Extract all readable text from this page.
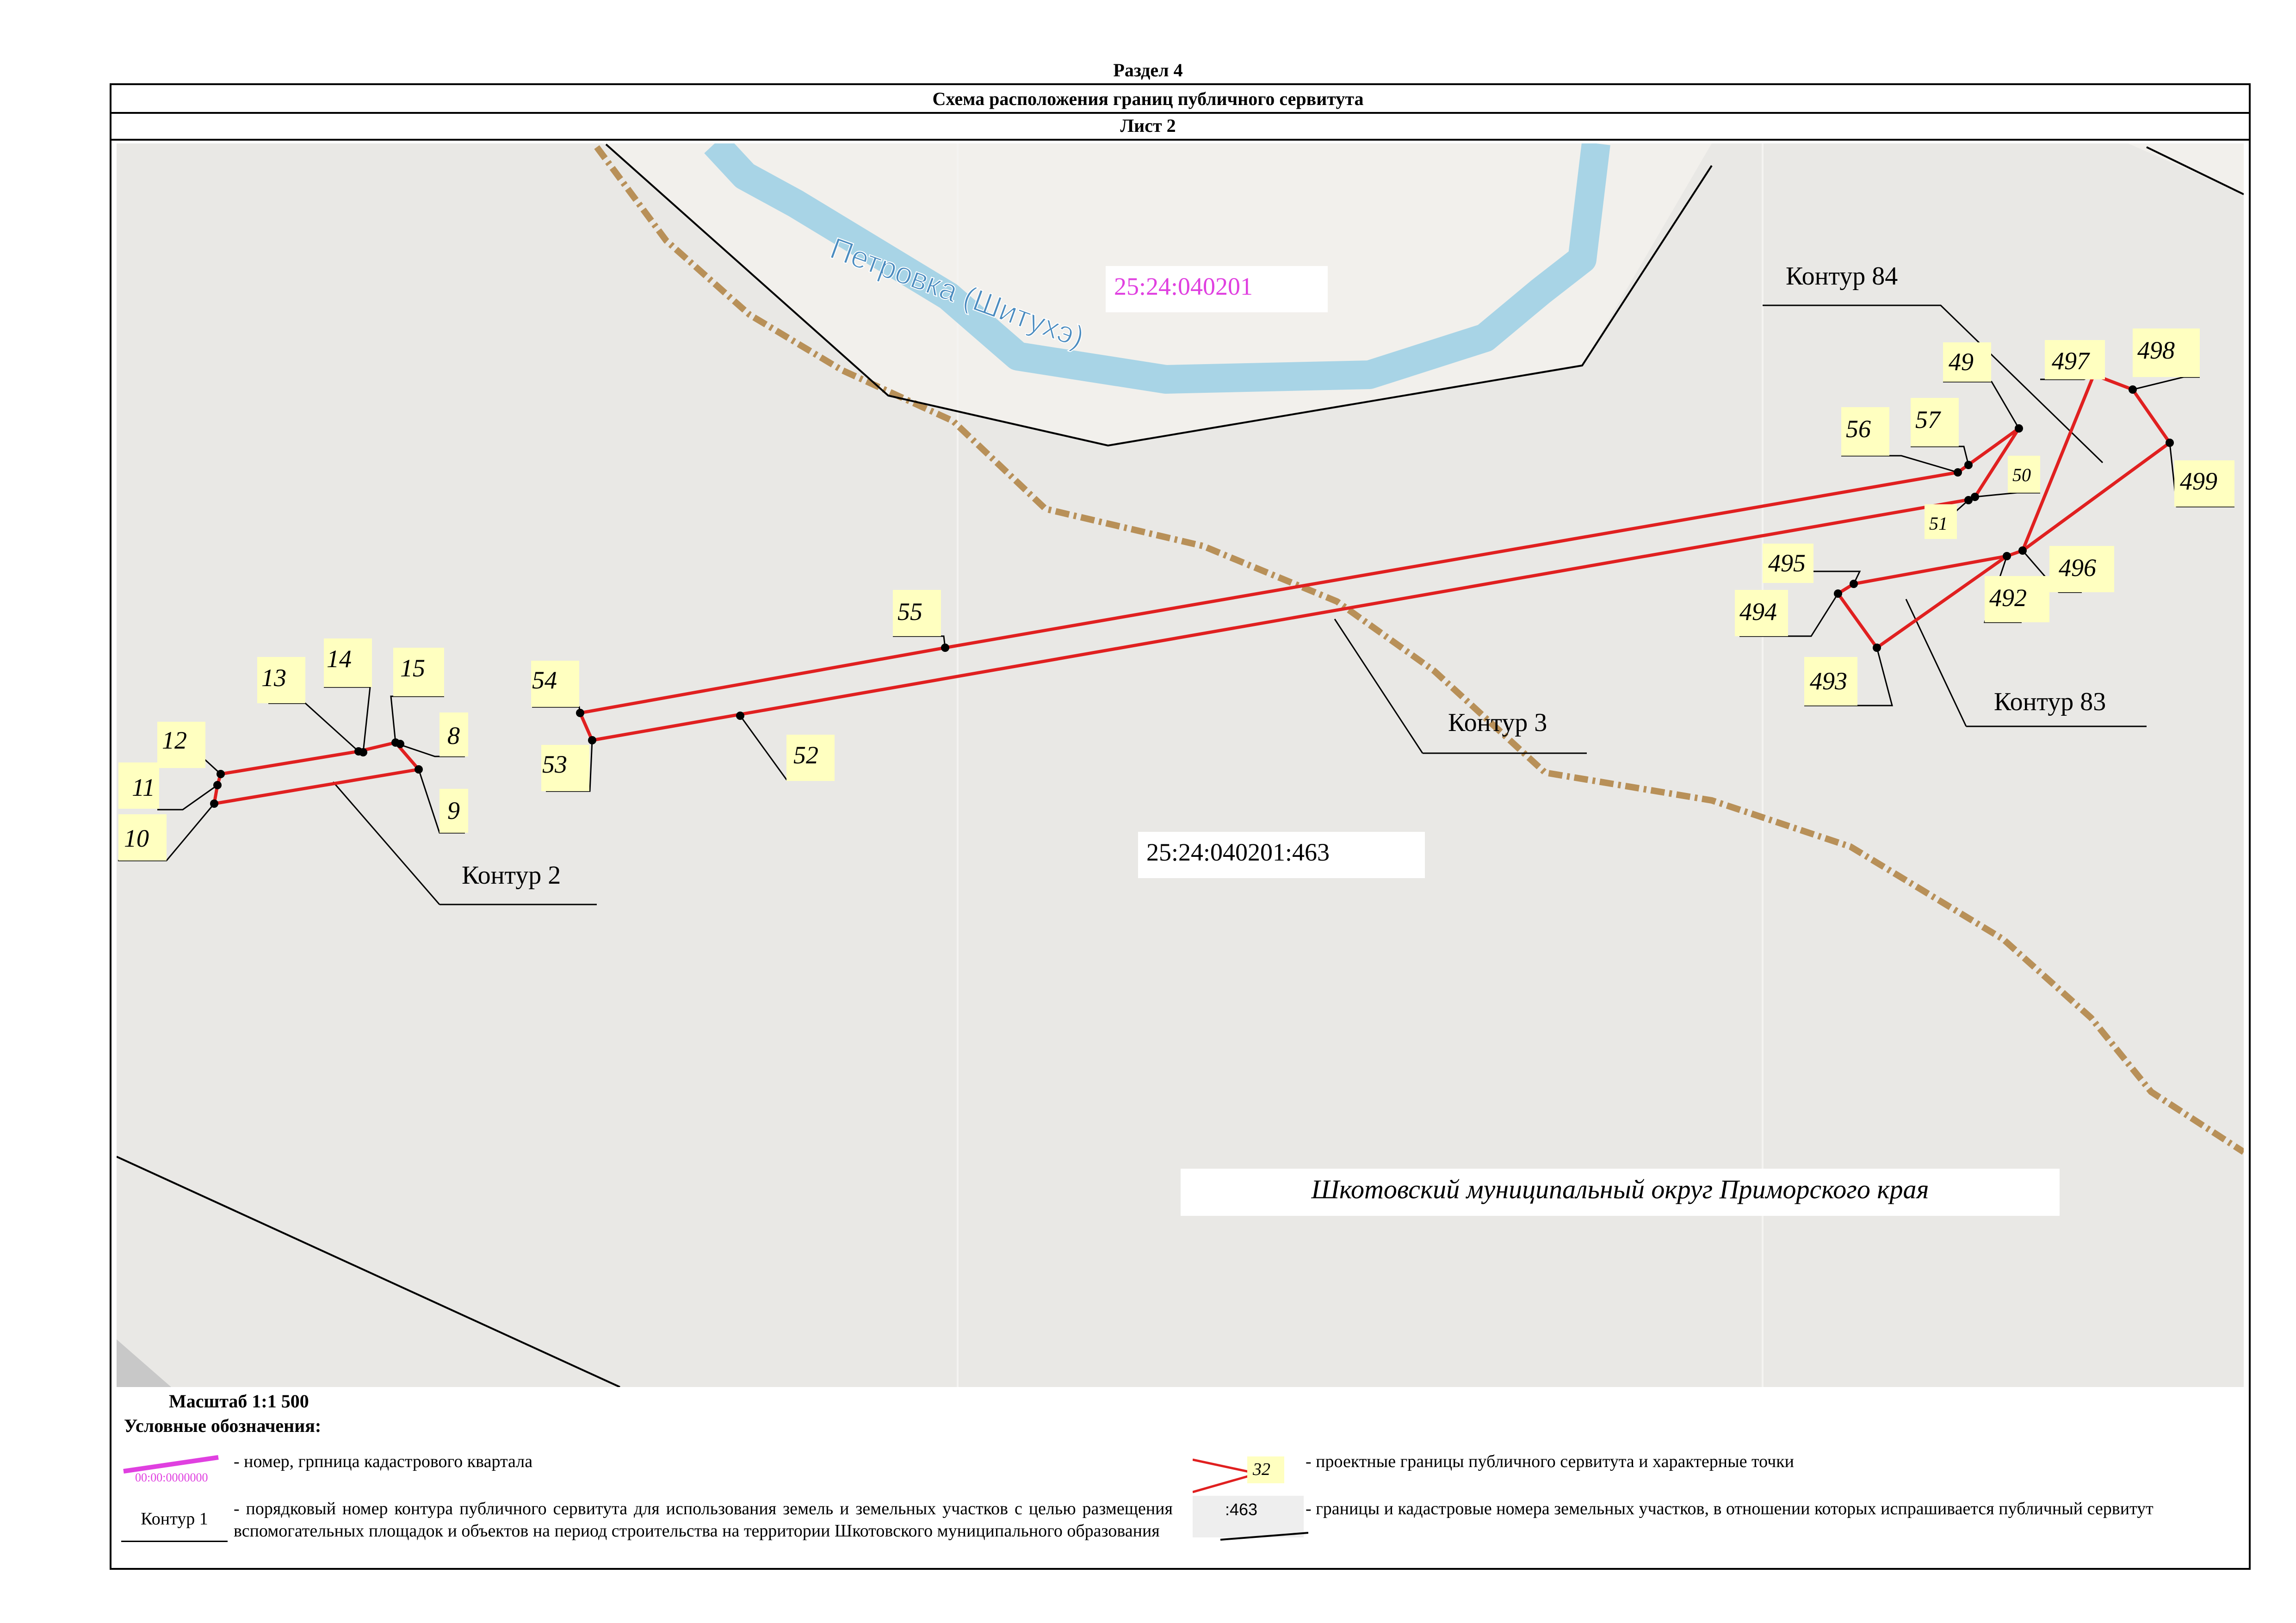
Раздел 4
Схема расположения границ публичного сервитута
Лист 2
Петровка (Шитухэ) 25:24:040201
25:24:040201:463
Шкотовский муниципальный округ Приморского края
Контур 84
Контур 3
Контур 83
Контур 2
11
10
12
13
14 15
8
9
54
53	52
55
56 57
49
50
51
495
494
493
492
496
497 498
499
Масштаб 1:1 500
Условные обозначения:
00:00:0000000
- номер, грпница кадастрового квартала
Контур 1
- порядковый номер контура публичного сервитута для использования земель и земельных участков с целью размещения вспомогательных площадок и объектов на период строительства на территории Шкотовского муниципального образования
32 - проектные границы публичного сервитута и характерные точки
:463	- границы и кадастровые номера земельных участков, в отношении которых испрашивается публичный сервитут
